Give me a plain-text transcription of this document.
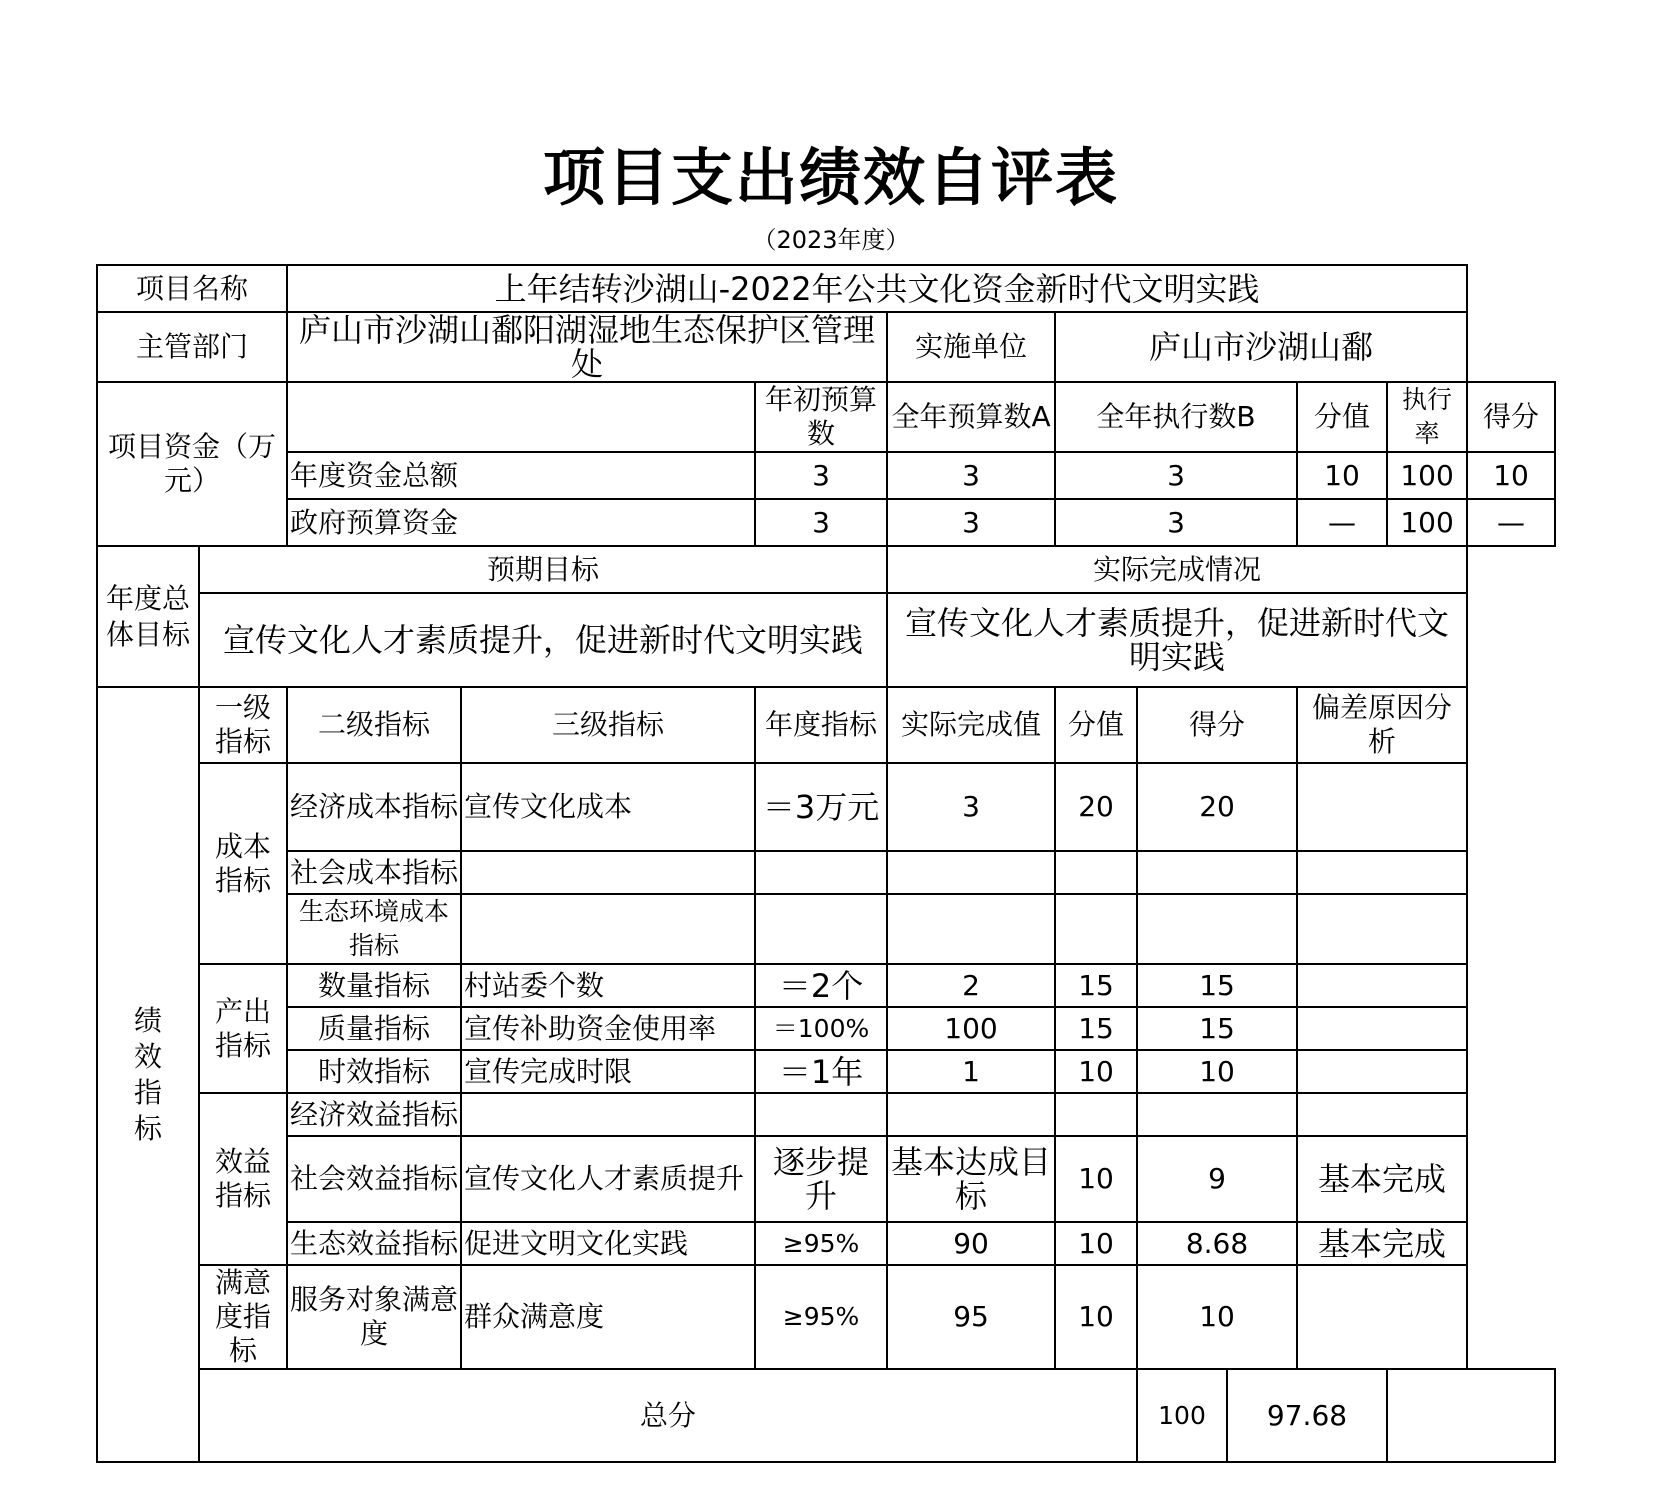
项目支出绩效自评表
（2023年度）
项目名称		上年结转沙湖山-2022年公共文化资金新时代文明实践									
主管部门		庐山市沙湖山鄱阳湖湿地生态保护区管理处			实施单位	庐山市沙湖山鄱					
项目资金（万元）				年初预算数	全年预算数A	全年执行数B			分值	执行率	得分
		年度资金总额		3	3	3			10	100	10
		政府预算资金		3	3	3			—	100	—
年度总体目标	预期目标				实际完成情况						
	宣传文化人才素质提升，促进新时代文明实践				宣传文化人才素质提升，促进新时代文明实践						
绩效指标	一级指标	二级指标	三级指标	年度指标	实际完成值	分值	得分		偏差原因分析		
	成本指标	经济成本指标	宣传文化成本	＝3万元	3	20	20				
		社会成本指标									
		生态环境成本指标									
	产出指标	数量指标	村站委个数	＝2个	2	15	15				
		质量指标	宣传补助资金使用率	＝100%	100	15	15				
		时效指标	宣传完成时限	＝1年	1	10	10				
	效益指标	经济效益指标									
		社会效益指标	宣传文化人才素质提升	逐步提升	基本达成目标	10	9		基本完成		
		生态效益指标	促进文明文化实践	≥95%	90	10	8.68		基本完成		
	满意度指标	服务对象满意度	群众满意度	≥95%	95	10	10				
	总分						100	97.68			
